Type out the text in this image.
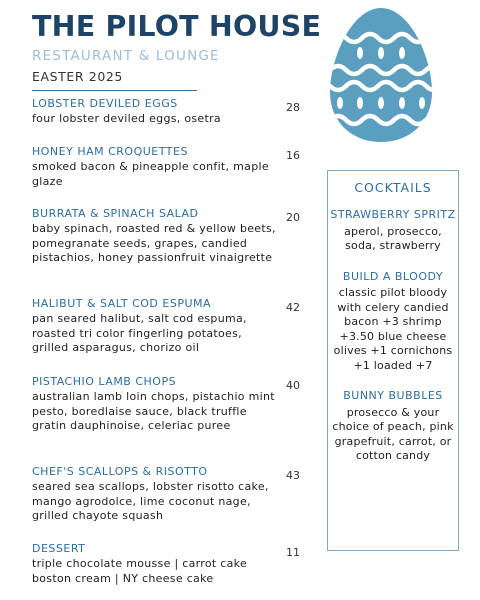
THE PILOT HOUSE
RESTAURANT & LOUNGE
EASTER 2025
LOBSTER DEVILED EGGS
four lobster deviled eggs, osetra
28
HONEY HAM CROQUETTES
smoked bacon & pineapple confit, maple glaze
16
BURRATA & SPINACH SALAD
baby spinach, roasted red & yellow beets, pomegranate seeds, grapes, candied pistachios, honey passionfruit vinaigrette
20
HALIBUT & SALT COD ESPUMA
pan seared halibut, salt cod espuma, roasted tri color fingerling potatoes, grilled asparagus, chorizo oil
42
PISTACHIO LAMB CHOPS
australian lamb loin chops, pistachio mint pesto, boredlaise sauce, black truffle gratin dauphinoise, celeriac puree
40
CHEF'S SCALLOPS & RISOTTO
seared sea scallops, lobster risotto cake, mango agrodolce, lime coconut nage, grilled chayote squash
43
DESSERT
triple chocolate mousse | carrot cake boston cream | NY cheese cake
11
COCKTAILS
STRAWBERRY SPRITZ
aperol, prosecco, soda, strawberry
BUILD A BLOODY
classic pilot bloody with celery candied bacon +3 shrimp +3.50 blue cheese olives +1 cornichons +1 loaded +7
BUNNY BUBBLES
prosecco & your choice of peach, pink grapefruit, carrot, or cotton candy
